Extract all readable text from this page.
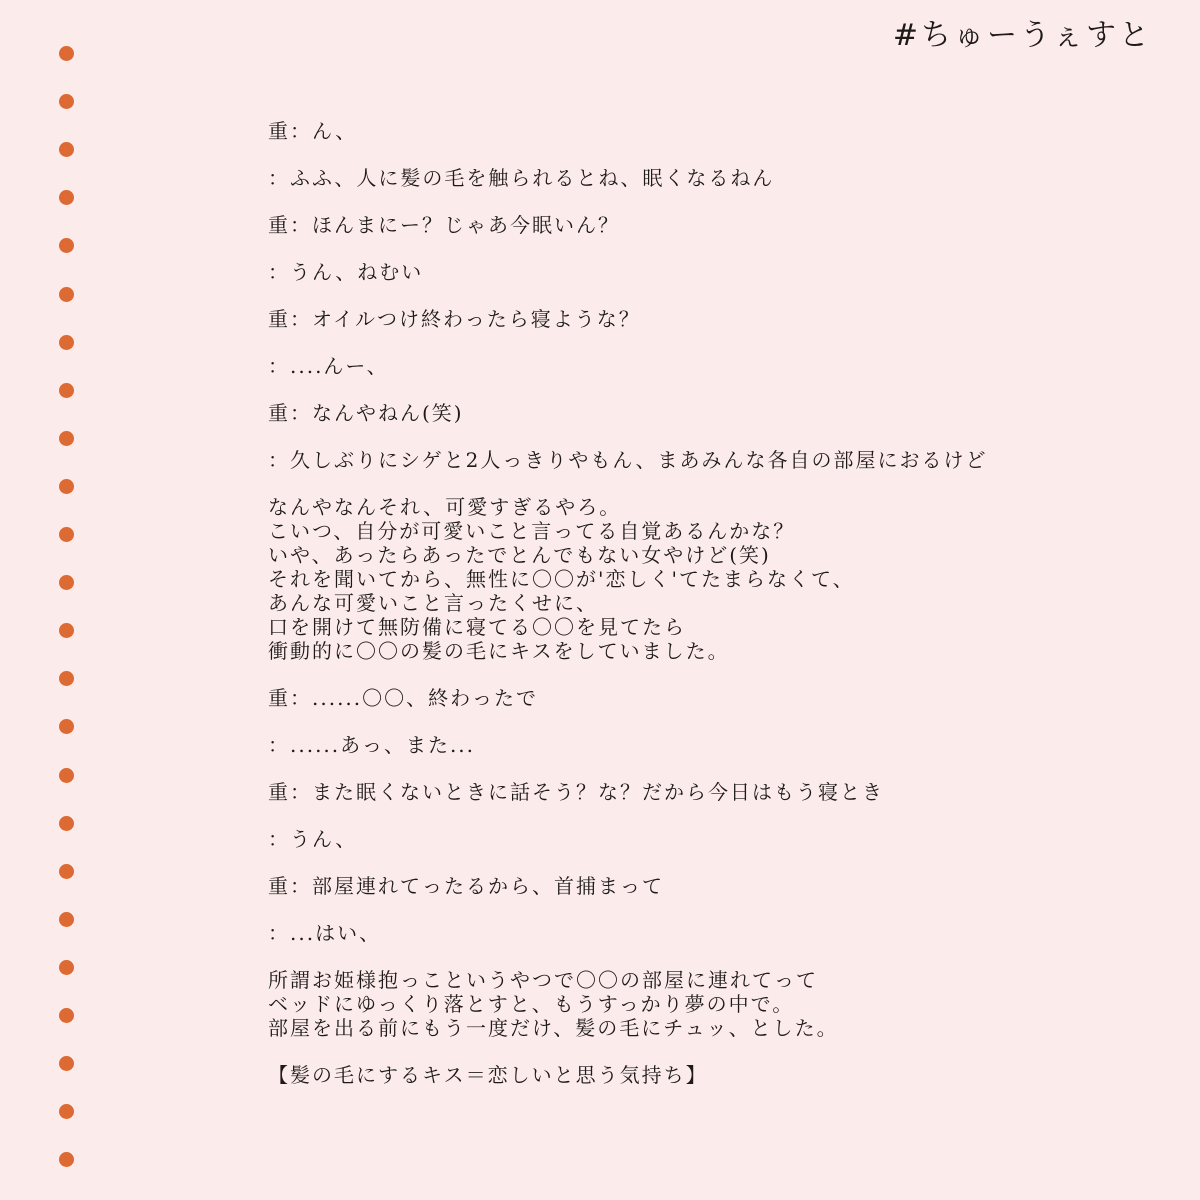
#ちゅーうぇすと
重：ん、
：ふふ、人に髪の毛を触られるとね、眠くなるねん
重：ほんまにー？じゃあ今眠いん？
：うん、ねむい
重：オイルつけ終わったら寝ような？
：....んー、
重：なんやねん(笑)
：久しぶりにシゲと2人っきりやもん、まあみんな各自の部屋におるけど
なんやなんそれ、可愛すぎるやろ。
こいつ、自分が可愛いこと言ってる自覚あるんかな？
いや、あったらあったでとんでもない女やけど(笑)
それを聞いてから、無性に〇〇が'恋しく'てたまらなくて、
あんな可愛いこと言ったくせに、
口を開けて無防備に寝てる〇〇を見てたら
衝動的に〇〇の髪の毛にキスをしていました。
重：......〇〇、終わったで
：......あっ、また...
重：また眠くないときに話そう？な？だから今日はもう寝とき
：うん、
重：部屋連れてったるから、首捕まって
：...はい、
所謂お姫様抱っこというやつで〇〇の部屋に連れてって
ベッドにゆっくり落とすと、もうすっかり夢の中で。
部屋を出る前にもう一度だけ、髪の毛にチュッ、とした。
【髪の毛にするキス＝恋しいと思う気持ち】
